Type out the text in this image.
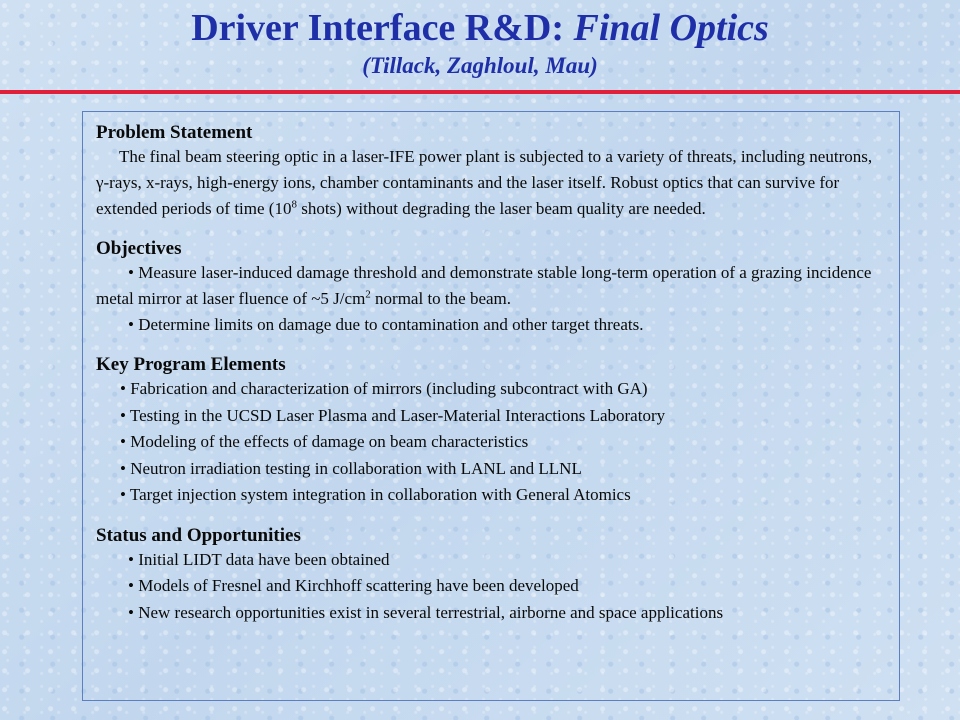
Driver Interface R&D: Final Optics
(Tillack, Zaghloul, Mau)
Problem Statement

The final beam steering optic in a laser-IFE power plant is subjected to a variety of threats, including neutrons, γ-rays, x-rays, high-energy ions, chamber contaminants and the laser itself. Robust optics that can survive for extended periods of time ($10^8$ shots) without degrading the laser beam quality are needed.

Objectives

• Measure laser-induced damage threshold and demonstrate stable long-term operation of a grazing incidence metal mirror at laser fluence of ~5 $J/cm^2$ normal to the beam.

• Determine limits on damage due to contamination and other target threats.
Key Program Elements
• Fabrication and characterization of mirrors (including subcontract with GA)
• Testing in the UCSD Laser Plasma and Laser-Material Interactions Laboratory
• Modeling of the effects of damage on beam characteristics
• Neutron irradiation testing in collaboration with LANL and LLNL
• Target injection system integration in collaboration with General Atomics
Status and Opportunities
• Initial LIDT data have been obtained
• Models of Fresnel and Kirchhoff scattering have been developed
• New research opportunities exist in several terrestrial, airborne and space applications
